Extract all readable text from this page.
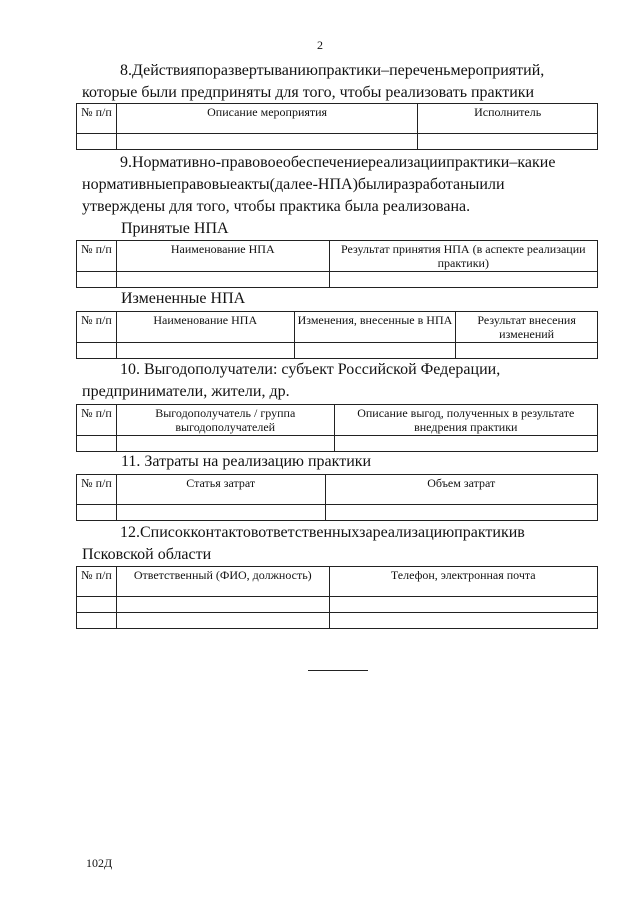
2
8.Действияпоразвертываниюпрактики–переченьмероприятий,
которые были предприняты для того, чтобы реализовать практики
№ п/п	Описание мероприятия	Исполнитель

9.Нормативно-правовоеобеспечениереализациипрактики–какие
нормативныеправовыеакты(далее-НПА)былиразработаныили
утверждены для того, чтобы практика была реализована.
Принятые НПА
№ п/п	Наименование НПА	Результат принятия НПА (в аспекте реализации практики)

Измененные НПА
№ п/п	Наименование НПА	Изменения, внесенные в НПА	Результат внесения изменений

10. Выгодополучатели: субъект Российской Федерации,
предприниматели, жители, др.
№ п/п	Выгодополучатель / группа выгодополучателей	Описание выгод, полученных в результате внедрения практики

11. Затраты на реализацию практики
№ п/п	Статья затрат	Объем затрат

12.Списокконтактовответственныхзареализациюпрактикив
Псковской области
№ п/п	Ответственный (ФИО, должность)	Телефон, электронная почта

102Д
